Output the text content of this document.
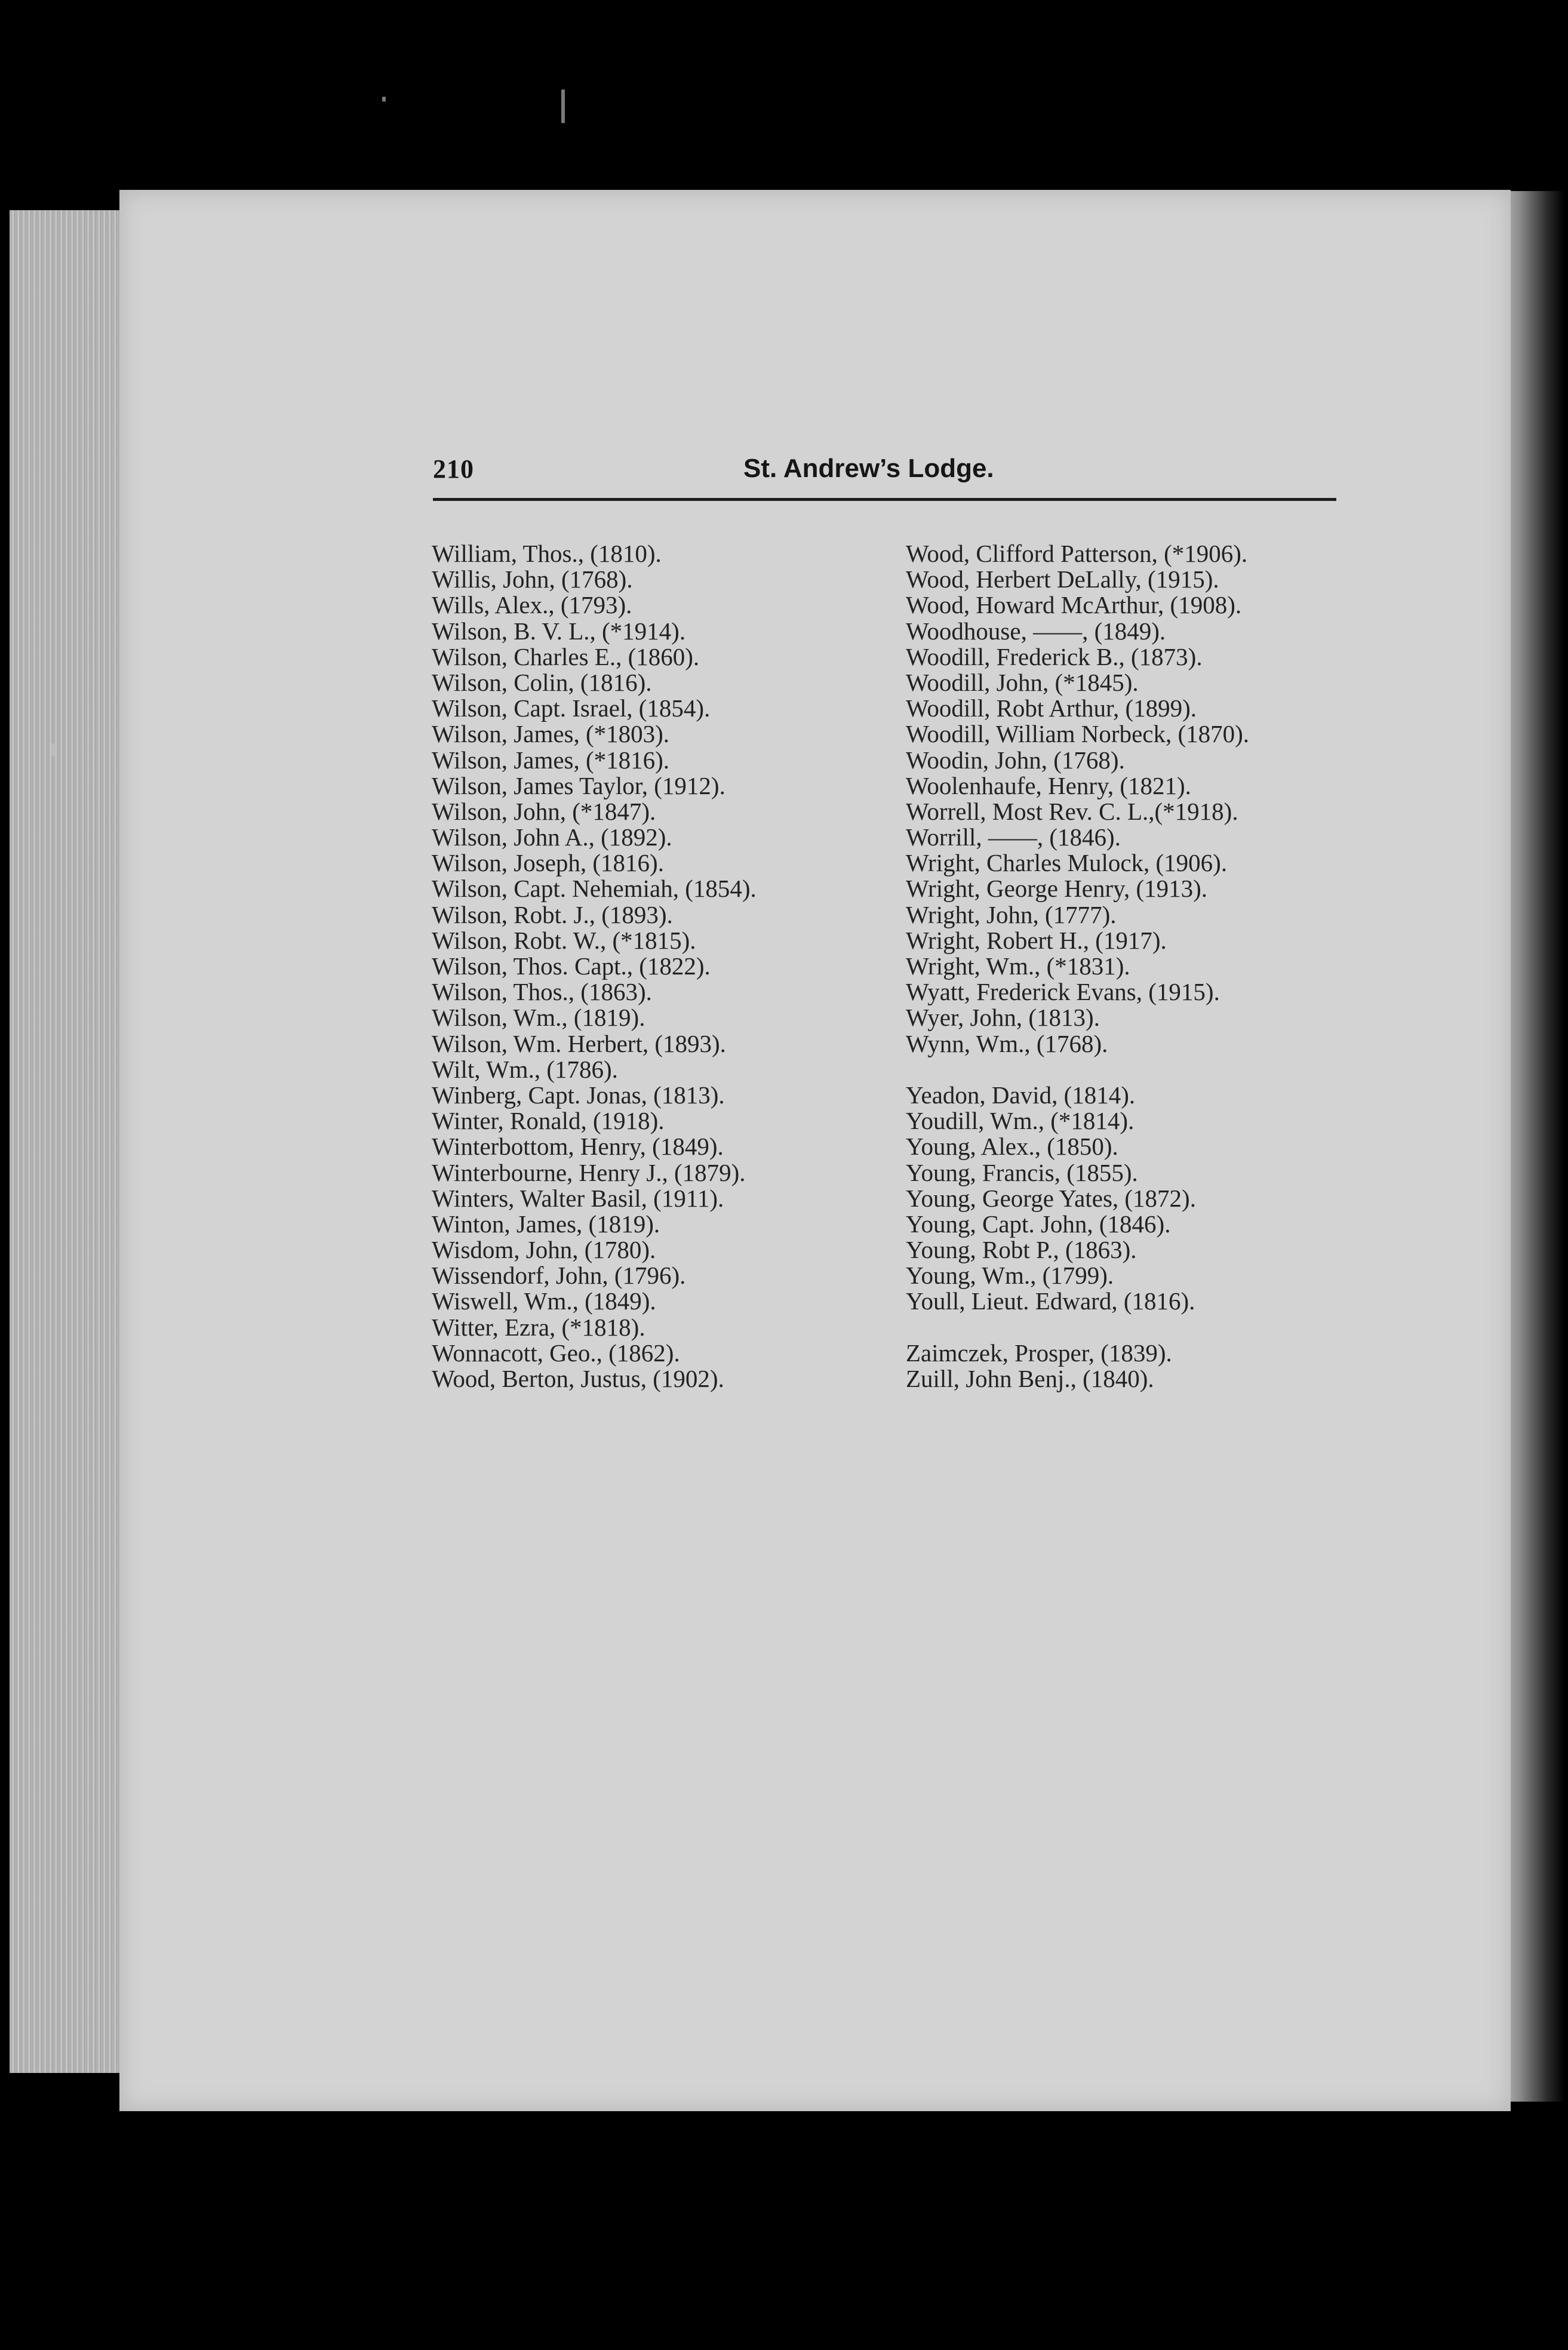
210	St. Andrew’s Lodge.
William, Thos., (1810).
Willis, John, (1768).
Wills, Alex., (1793).
Wilson, B. V. L., (*1914).
Wilson, Charles E., (1860).
Wilson, Colin, (1816).
Wilson, Capt. Israel, (1854).
Wilson, James, (*1803).
Wilson, James, (*1816).
Wilson, James Taylor, (1912).
Wilson, John, (*1847).
Wilson, John A., (1892).
Wilson, Joseph, (1816).
Wilson, Capt. Nehemiah, (1854).
Wilson, Robt. J., (1893).
Wilson, Robt. W., (*1815).
Wilson, Thos. Capt., (1822).
Wilson, Thos., (1863).
Wilson, Wm., (1819).
Wilson, Wm. Herbert, (1893).
Wilt, Wm., (1786).
Winberg, Capt. Jonas, (1813).
Winter, Ronald, (1918).
Winterbottom, Henry, (1849).
Winterbourne, Henry J., (1879).
Winters, Walter Basil, (1911).
Winton, James, (1819).
Wisdom, John, (1780).
Wissendorf, John, (1796).
Wiswell, Wm., (1849).
Witter, Ezra, (*1818).
Wonnacott, Geo., (1862).
Wood, Berton, Justus, (1902).
Wood, Clifford Patterson, (*1906).
Wood, Herbert DeLally, (1915).
Wood, Howard McArthur, (1908).
Woodhouse, ——, (1849).
Woodill, Frederick B., (1873).
Woodill, John, (*1845).
Woodill, Robt Arthur, (1899).
Woodill, William Norbeck, (1870).
Woodin, John, (1768).
Woolenhaufe, Henry, (1821).
Worrell, Most Rev. C. L.,(*1918).
Worrill, ——, (1846).
Wright, Charles Mulock, (1906).
Wright, George Henry, (1913).
Wright, John, (1777).
Wright, Robert H., (1917).
Wright, Wm., (*1831).
Wyatt, Frederick Evans, (1915).
Wyer, John, (1813).
Wynn, Wm., (1768).
Yeadon, David, (1814).
Youdill, Wm., (*1814).
Young, Alex., (1850).
Young, Francis, (1855).
Young, George Yates, (1872).
Young, Capt. John, (1846).
Young, Robt P., (1863).
Young, Wm., (1799).
Youll, Lieut. Edward, (1816).
Zaimczek, Prosper, (1839).
Zuill, John Benj., (1840).
